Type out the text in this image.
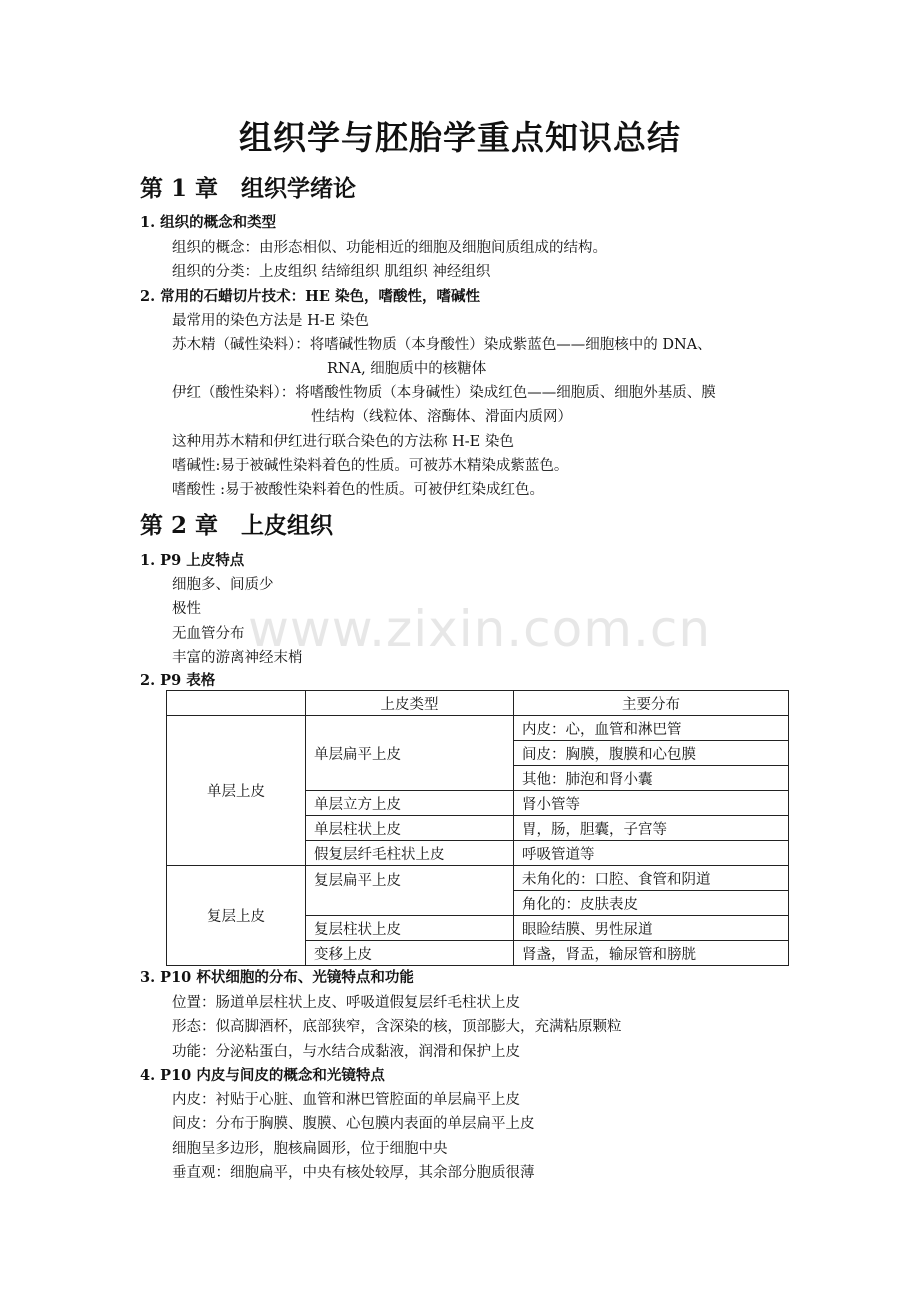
www.zixin.com.cn
组织学与胚胎学重点知识总结
第 1 章　组织学绪论
1. 组织的概念和类型
组织的概念：由形态相似、功能相近的细胞及细胞间质组成的结构。
组织的分类：上皮组织 结缔组织 肌组织 神经组织
2. 常用的石蜡切片技术：HE 染色，嗜酸性，嗜碱性
最常用的染色方法是 H-E 染色
苏木精（碱性染料）：将嗜碱性物质（本身酸性）染成紫蓝色——细胞核中的 DNA、
RNA, 细胞质中的核糖体
伊红（酸性染料）：将嗜酸性物质（本身碱性）染成红色——细胞质、细胞外基质、膜
性结构（线粒体、溶酶体、滑面内质网）
这种用苏木精和伊红进行联合染色的方法称 H-E 染色
嗜碱性:易于被碱性染料着色的性质。可被苏木精染成紫蓝色。
嗜酸性 :易于被酸性染料着色的性质。可被伊红染成红色。
第 2 章　上皮组织
1. P9 上皮特点
细胞多、间质少
极性
无血管分布
丰富的游离神经末梢
2. P9 表格
	上皮类型	主要分布
单层上皮	单层扁平上皮	内皮：心，血管和淋巴管
		间皮：胸膜，腹膜和心包膜
		其他：肺泡和肾小囊
	单层立方上皮	肾小管等
	单层柱状上皮	胃，肠，胆囊，子宫等
	假复层纤毛柱状上皮	呼吸管道等
复层上皮	复层扁平上皮	未角化的：口腔、食管和阴道
		角化的：皮肤表皮
	复层柱状上皮	眼睑结膜、男性尿道
	变移上皮	肾盏，肾盂，输尿管和膀胱
3. P10 杯状细胞的分布、光镜特点和功能
位置：肠道单层柱状上皮、呼吸道假复层纤毛柱状上皮
形态：似高脚酒杯，底部狭窄，含深染的核，顶部膨大，充满粘原颗粒
功能：分泌粘蛋白，与水结合成黏液，润滑和保护上皮
4. P10 内皮与间皮的概念和光镜特点
内皮：衬贴于心脏、血管和淋巴管腔面的单层扁平上皮
间皮：分布于胸膜、腹膜、心包膜内表面的单层扁平上皮
细胞呈多边形，胞核扁圆形，位于细胞中央
垂直观：细胞扁平，中央有核处较厚，其余部分胞质很薄
